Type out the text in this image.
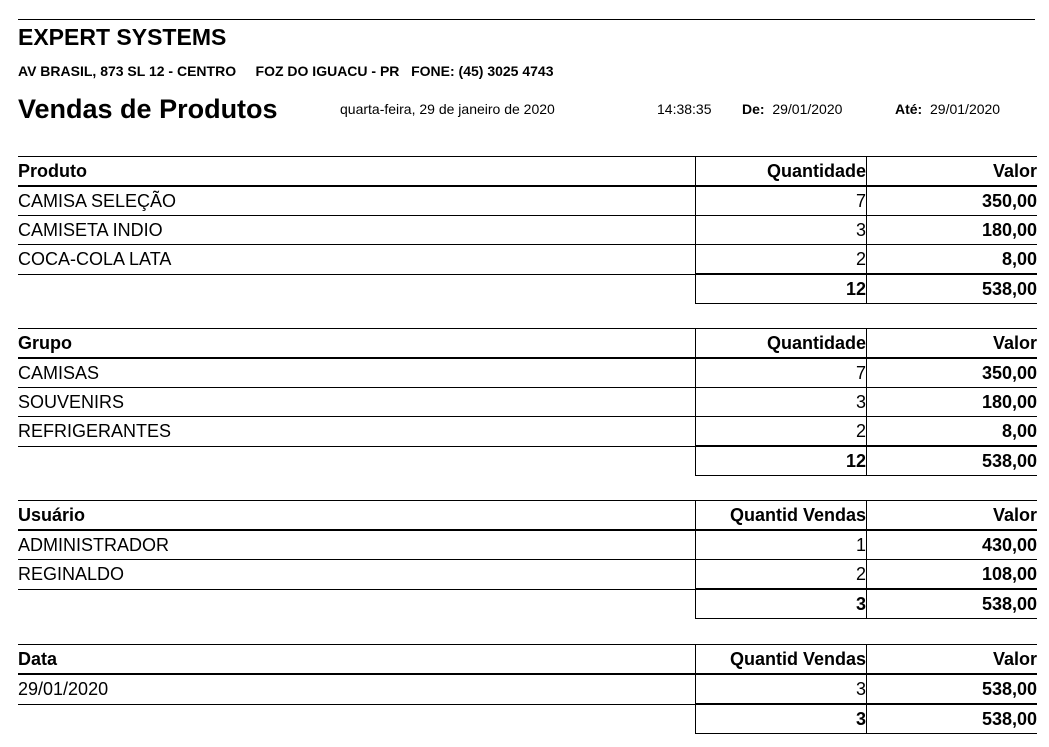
EXPERT SYSTEMS
AV BRASIL, 873 SL 12 - CENTRO     FOZ DO IGUACU - PR   FONE: (45) 3025 4743
Vendas de Produtos	quarta-feira, 29 de janeiro de 2020	14:38:35 De: 29/01/2020	Até: 29/01/2020
Produto	Quantidade	Valor
CAMISA SELEÇÃO	7	350,00
CAMISETA INDIO	3	180,00
COCA-COLA LATA	2	8,00
	12	538,00
Grupo	Quantidade	Valor
CAMISAS	7	350,00
SOUVENIRS	3	180,00
REFRIGERANTES	2	8,00
	12	538,00
Usuário	Quantid Vendas	Valor
ADMINISTRADOR	1	430,00
REGINALDO	2	108,00
	3	538,00
Data	Quantid Vendas	Valor
29/01/2020	3	538,00
	3	538,00
